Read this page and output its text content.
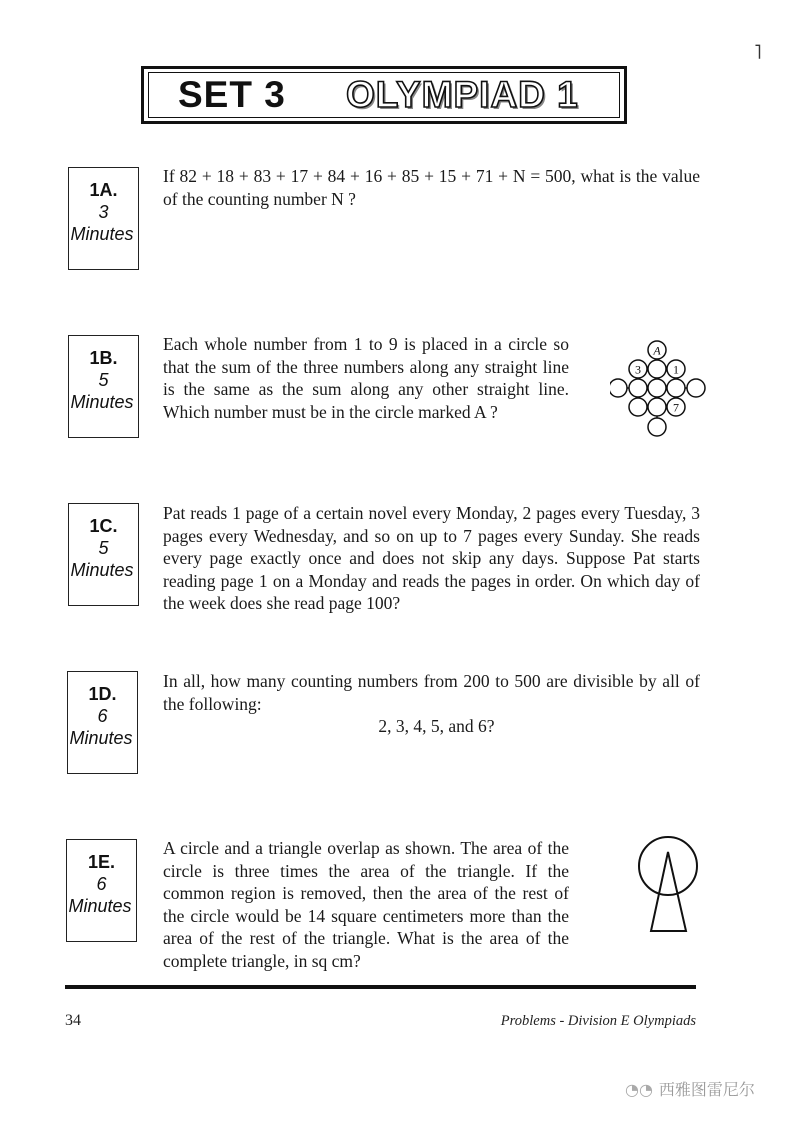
˥
SET 3 OLYMPIAD 1
1A.
3
Minutes
If 82 + 18 + 83 + 17 + 84 + 16 + 85 + 15 + 71 + N = 500, what is the value of the counting number N ?
1B.
5
Minutes
Each whole number from 1 to 9 is placed in a circle so that the sum of the three numbers along any straight line is the same as the sum along any other straight line. Which number must be in the circle marked A ?
A
3	1
7
1C.
5
Minutes
Pat reads 1 page of a certain novel every Monday, 2 pages every Tuesday, 3 pages every Wednesday, and so on up to 7 pages every Sunday. She reads every page exactly once and does not skip any days. Suppose Pat starts reading page 1 on a Monday and reads the pages in order. On which day of the week does she read page 100?
1D.
6
Minutes
In all, how many counting numbers from 200 to 500 are divisible by all of the following:
2, 3, 4, 5, and 6?
1E.
6
Minutes
A circle and a triangle overlap as shown. The area of the circle is three times the area of the triangle. If the common region is removed, then the area of the rest of the circle would be 14 square centimeters more than the area of the rest of the triangle. What is the area of the complete triangle, in sq cm?
34	Problems - Division E Olympiads
◔◔ 西雅图雷尼尔
